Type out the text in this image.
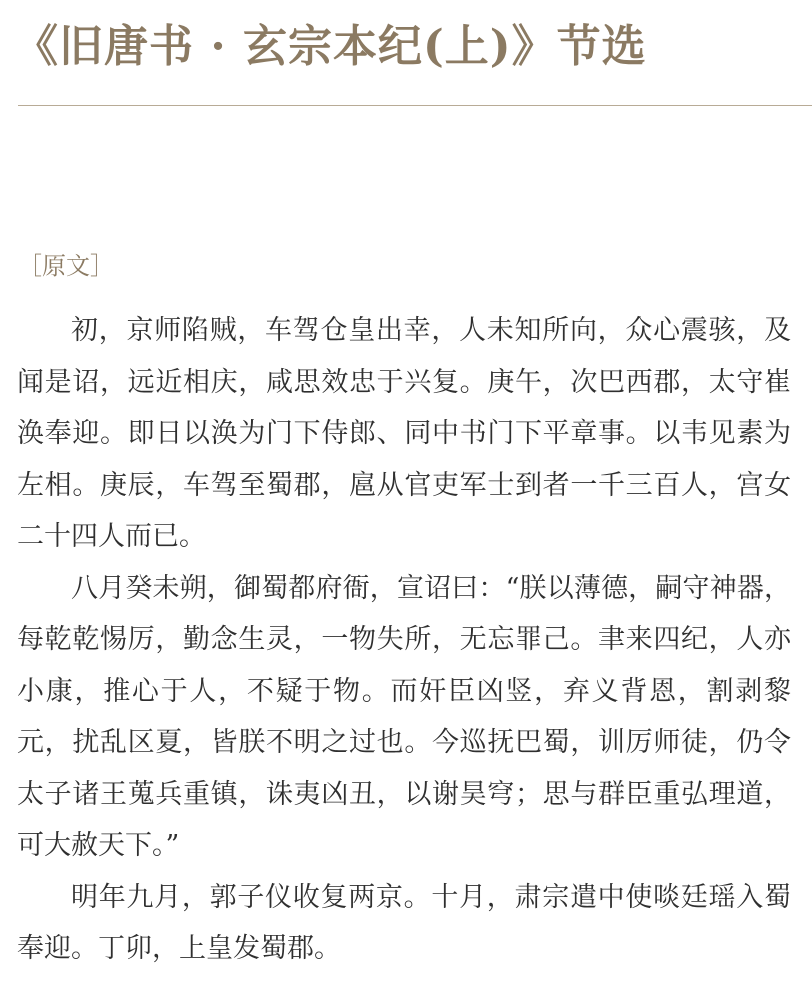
《旧唐书 · 玄宗本纪(上)》节选
［原文］

初，京师陷贼，车驾仓皇出幸，人未知所向，众心震骇，及闻是诏，远近相庆，咸思效忠于兴复。庚午，次巴西郡，太守崔涣奉迎。即日以涣为门下侍郎、同中书门下平章事。以韦见素为左相。庚辰，车驾至蜀郡，扈从官吏军士到者一千三百人，宫女二十四人而已。

八月癸未朔，御蜀都府衙，宣诏曰：“朕以薄德，嗣守神器，每乾乾惕厉，勤念生灵，一物失所，无忘罪己。聿来四纪，人亦小康，推心于人，不疑于物。而奸臣凶竖，弃义背恩，割剥黎元，扰乱区夏，皆朕不明之过也。今巡抚巴蜀，训厉师徒，仍令太子诸王蒐兵重镇，诛夷凶丑，以谢昊穹；思与群臣重弘理道，可大赦天下。”

明年九月，郭子仪收复两京。十月，肃宗遣中使啖廷瑶入蜀奉迎。丁卯，上皇发蜀郡。
